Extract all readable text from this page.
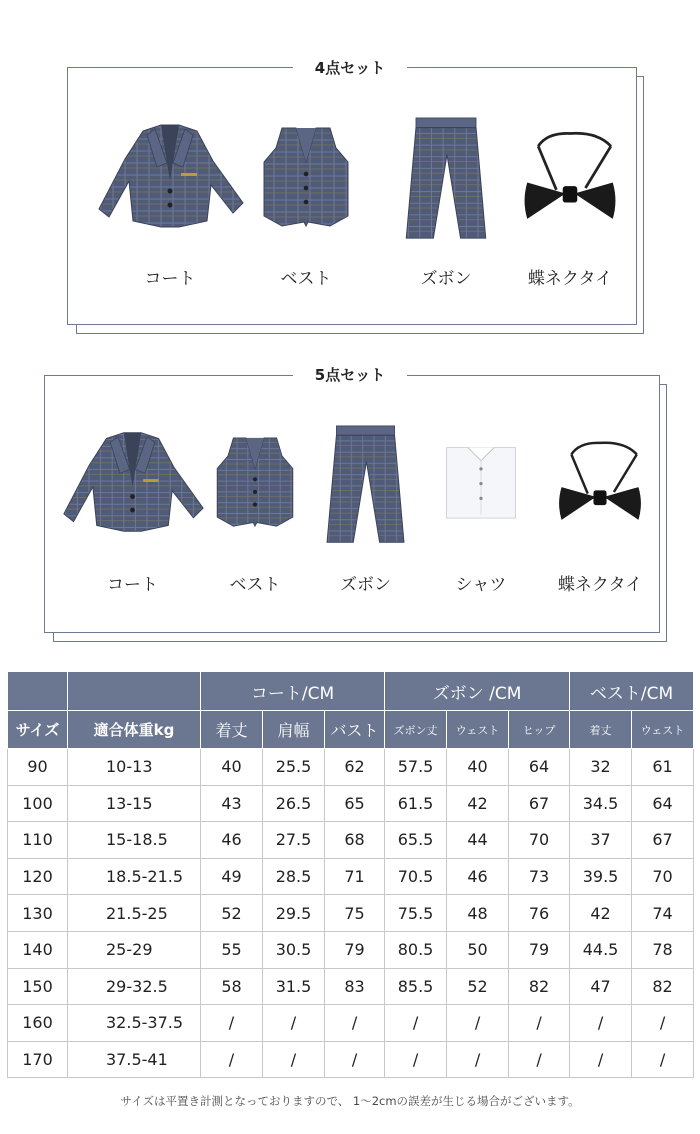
4点セット
コート	ベスト	ズボン	蝶ネクタイ
5点セット
コート	ベスト	ズボン	シャツ	蝶ネクタイ
		コート/CM			ズボン /CM			ベスト/CM	
サイズ	適合体重kg	着丈	肩幅	バスト	ズボン丈	ウェスト	ヒップ	着丈	ウェスト
90	10-13	40	25.5	62	57.5	40	64	32	61
100	13-15	43	26.5	65	61.5	42	67	34.5	64
110	15-18.5	46	27.5	68	65.5	44	70	37	67
120	18.5-21.5	49	28.5	71	70.5	46	73	39.5	70
130	21.5-25	52	29.5	75	75.5	48	76	42	74
140	25-29	55	30.5	79	80.5	50	79	44.5	78
150	29-32.5	58	31.5	83	85.5	52	82	47	82
160	32.5-37.5	/	/	/	/	/	/	/	/
170	37.5-41	/	/	/	/	/	/	/	/
サイズは平置き計測となっておりますので、 1～2cmの誤差が生じる場合がございます。
